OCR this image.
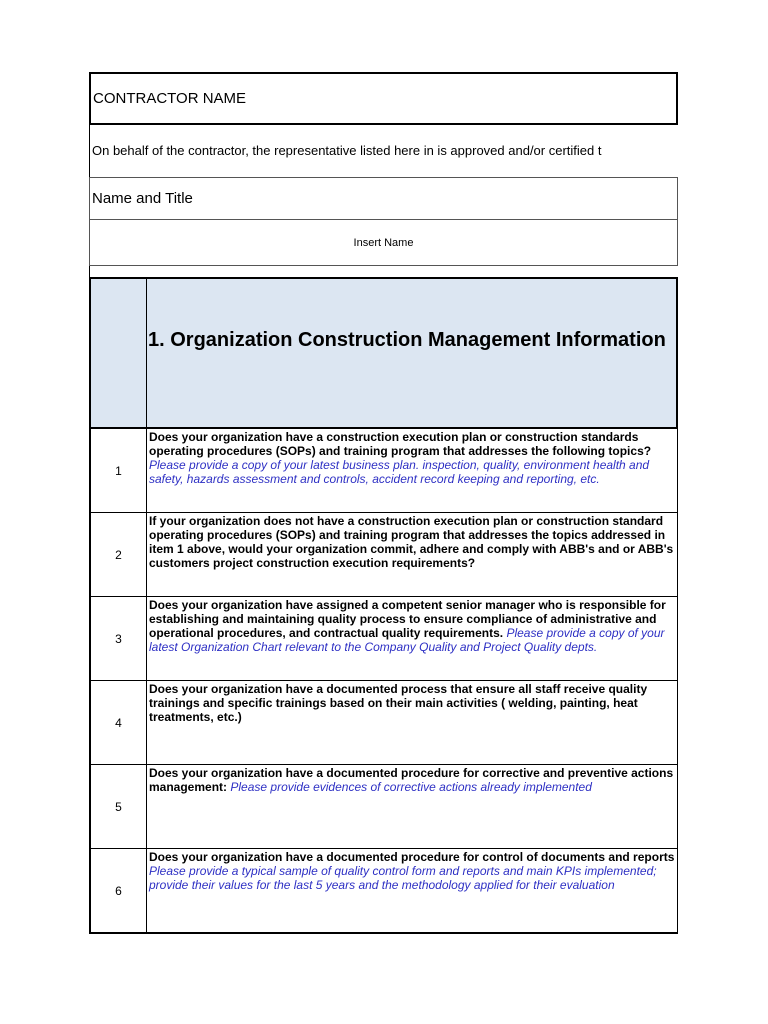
CONTRACTOR NAME
On behalf of the contractor, the representative listed here in is approved and/or certified t
Name and Title
Insert Name
1. Organization Construction Management Information
1
Does your organization have a construction execution plan or construction standards operating procedures (SOPs) and training program that addresses the following topics? Please provide a copy of your latest business plan. inspection, quality, environment health and safety, hazards assessment and controls, accident record keeping and reporting, etc.
2
If your organization does not have a construction execution plan or construction standard operating procedures (SOPs) and training program that addresses the topics addressed in item 1 above, would your organization commit, adhere and comply with ABB's and or ABB's customers project construction execution requirements?
3
Does your organization have assigned a competent senior manager who is responsible for establishing and maintaining quality process to ensure compliance of administrative and operational procedures, and contractual quality requirements. Please provide a copy of your latest Organization Chart relevant to the Company Quality and Project Quality depts.
4
Does your organization have a documented process that ensure all staff receive quality trainings and specific trainings based on their main activities ( welding, painting, heat treatments, etc.)
5
Does your organization have a documented procedure for corrective and preventive actions management: Please provide evidences of corrective actions already implemented
6
Does your organization have a documented procedure for control of documents and reports Please provide a typical sample of quality control form and reports and main KPIs implemented; provide their values for the last 5 years and the methodology applied for their evaluation
